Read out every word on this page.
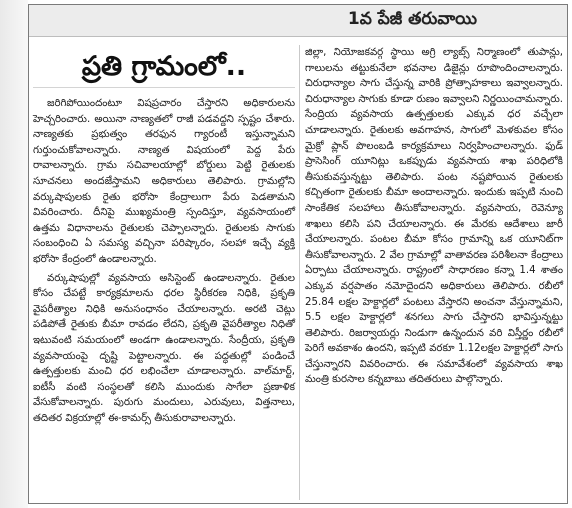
1వ పేజీ తరువాయి
ప్రతి గ్రామంలో..

జరిగిపోయిందంటూ విషప్రచారం చేస్తారని అధికారులను హెచ్చరించారు. అయినా నాణ్యతలో రాజీ పడవద్దని స్పష్టం చేశారు. నాణ్యతకు ప్రభుత్వం తరఫున గ్యారంటీ ఇస్తున్నామని గుర్తుంచుకోవాలన్నారు. నాణ్యత విషయంలో పెద్ద పేరు రావాలన్నారు. గ్రామ సచివాలయాల్లో బోర్డులు పెట్టి రైతులకు సూచనలు అందజేస్తామని అధికారులు తెలిపారు. గ్రామల్లోని వర్కుషాపులకు రైతు భరోసా కేంద్రాలుగా పేరు పెడతామని వివరించారు. దీనిపై ముఖ్యమంత్రి స్పందిస్తూ, వ్యవసాయంలో ఉత్తమ విధానాలను రైతులకు చెప్పాలన్నారు. రైతులకు సాగుకు సంబంధించి ఏ సమస్య వచ్చినా పరిష్కారం, సలహా ఇచ్చే వ్యక్తి భరోసా కేంద్రంలో ఉండాలన్నారు.

వర్కుషాపుల్లో వ్యవసాయ అసిస్టెంట్ ఉండాలన్నారు. రైతుల కోసం చేపట్టే కార్యక్రమాలను ధరల స్థిరీకరణ నిధికి, ప్రకృతి వైపరీత్యాల నిధికి అనుసంధానం చేయాలన్నారు. అరటి చెట్లు పడిపోతే రైతుకు బీమా రావడం లేదని, ప్రకృతి వైపరీత్యాల నిధితో ఇటువంటి సమయంలో అండగా ఉండాలన్నారు. సేంద్రీయ, ప్రకృతి వ్యవసాయంపై దృష్టి పెట్టాలన్నారు. ఈ పద్ధతుల్లో పండించే ఉత్పత్తులకు మంచి ధర లభించేలా చూడాలన్నారు. వాల్‌మార్ట్, ఐటీసీ వంటి సంస్థలతో కలిసి ముందుకు సాగేలా ప్రణాళిక వేసుకోవాలన్నారు. పురుగు మందులు, ఎరువులు, విత్తనాలు, తదితర విక్రయాల్లో ఈ-కామర్స్ తీసుకురావాలన్నారు.

జిల్లా, నియోజకవర్గ స్థాయి అగ్రి ల్యాబ్స్ నిర్మాణంలో తుపాన్లు, గాలులను తట్టుకునేలా భవనాల డిజైన్లు రూపొందించాలన్నారు. చిరుధాన్యాల సాగు చేస్తున్న వారికి ప్రోత్సాహకాలు ఇవ్వాలన్నారు. చిరుధాన్యాల సాగుకు కూడా రుణం ఇవ్వాలని నిర్ణయించామన్నారు. సేంద్రియ వ్యవసాయ ఉత్పత్తులకు ఎక్కువ ధర వచ్చేలా చూడాలన్నారు. రైతులకు అవగాహన, సాగులో మెళకువల కోసం మైక్రో ప్లాన్ పొలంబడి కార్యక్రమాలు నిర్వహించాలన్నారు. ఫుడ్ ప్రాసెసింగ్ యూనిట్లు ఒకప్పుడు వ్యవసాయ శాఖ పరిధిలోకి తీసుకువస్తున్నట్టు తెలిపారు. పంట నష్టపోయిన రైతులకు కచ్చితంగా రైతులకు బీమా అందాలన్నారు. ఇందుకు ఇప్పటి నుంచి సాంకేతిక సలహాలు తీసుకోవాలన్నారు. వ్యవసాయ, రెవెన్యూ శాఖలు కలిసి పని చేయాలన్నారు. ఈ మేరకు ఆదేశాలు జారీ చేయాలన్నారు. పంటల బీమా కోసం గ్రామాన్ని ఒక యూనిట్‌గా తీసుకోవాలన్నారు. 2 వేల గ్రామాల్లో వాతావరణ పరిశీలనా కేంద్రాలు ఏర్పాటు చేయాలన్నారు. రాష్ట్రంలో సాధారణం కన్నా 1.4 శాతం ఎక్కువ వర్షపాతం నమోదైందని అధికారులు తెలిపారు. రబీలో 25.84 లక్షల హెక్టార్లలో పంటలు వేస్తారని అంచనా వేస్తున్నామని, 5.5 లక్షల హెక్టార్లలో శనగలు సాగు చేస్తారని భావిస్తున్నట్టు తెలిపారు. రిజర్వాయర్లు నిండుగా ఉన్నందున వరి విస్తీర్ణం రబీలో పెరిగే అవకాశం ఉందని, ఇప్పటి వరకూ 1.12లక్షల హెక్టార్లలో సాగు చేస్తున్నారని వివరించారు. ఈ సమావేశంలో వ్యవసాయ శాఖ మంత్రి కురసాల కన్నబాబు తదితరులు పాల్గొన్నారు.
